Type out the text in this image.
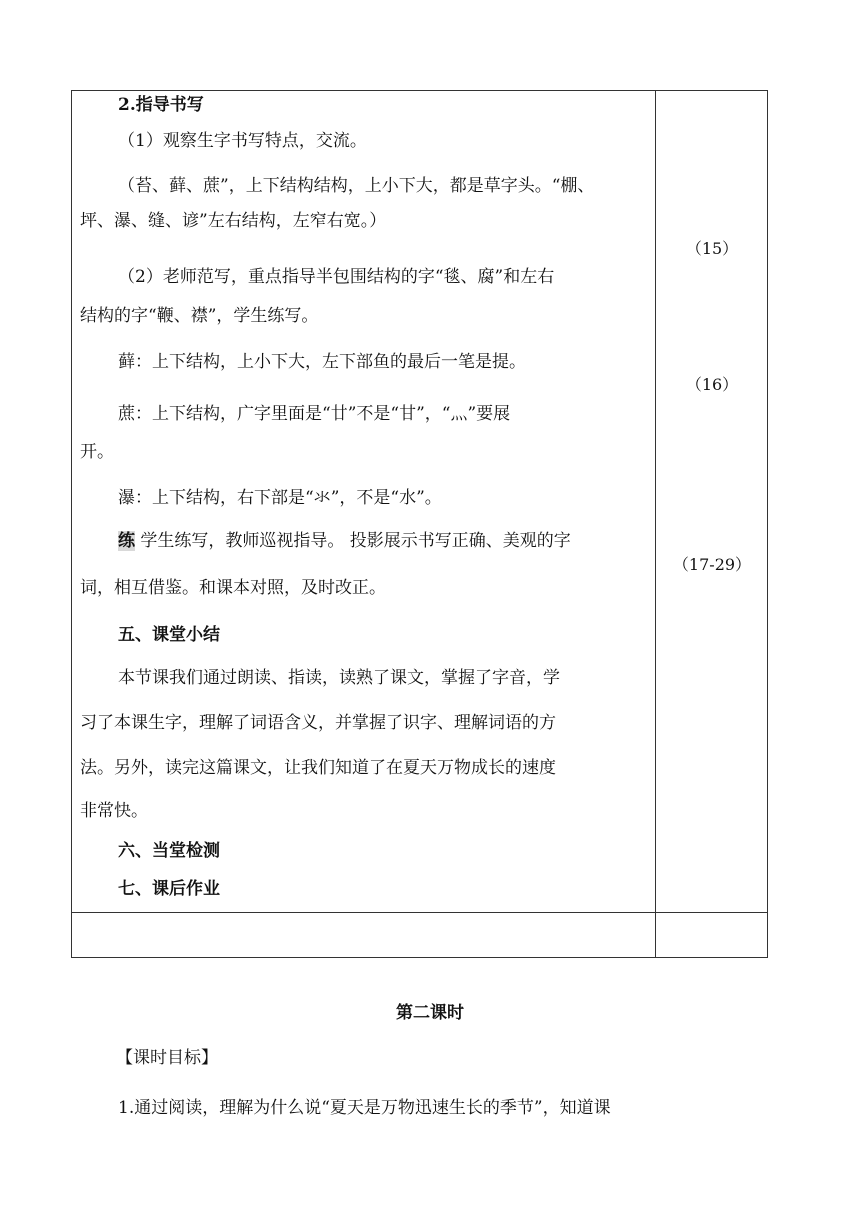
2.指导书写
（1）观察生字书写特点，交流。
（苔、藓、蔗”，上下结构结构，上小下大，都是草字头。“棚、
坪、瀑、缝、谚”左右结构，左窄右宽。）
（2）老师范写，重点指导半包围结构的字“毯、腐”和左右
结构的字“鞭、襟”，学生练写。
藓：上下结构，上小下大，左下部鱼的最后一笔是提。
蔗：上下结构，广字里面是“廿”不是“甘”，“灬”要展
开。
瀑：上下结构，右下部是“氺”，不是“水”。
练 学生练写，教师巡视指导。 投影展示书写正确、美观的字
词，相互借鉴。和课本对照，及时改正。
五、课堂小结
本节课我们通过朗读、指读，读熟了课文，掌握了字音，学
习了本课生字，理解了词语含义，并掌握了识字、理解词语的方
法。另外，读完这篇课文，让我们知道了在夏天万物成长的速度
非常快。
六、当堂检测
七、课后作业
（15）
（16）
（17-29）
第二课时
【课时目标】
1.通过阅读，理解为什么说“夏天是万物迅速生长的季节”，知道课
